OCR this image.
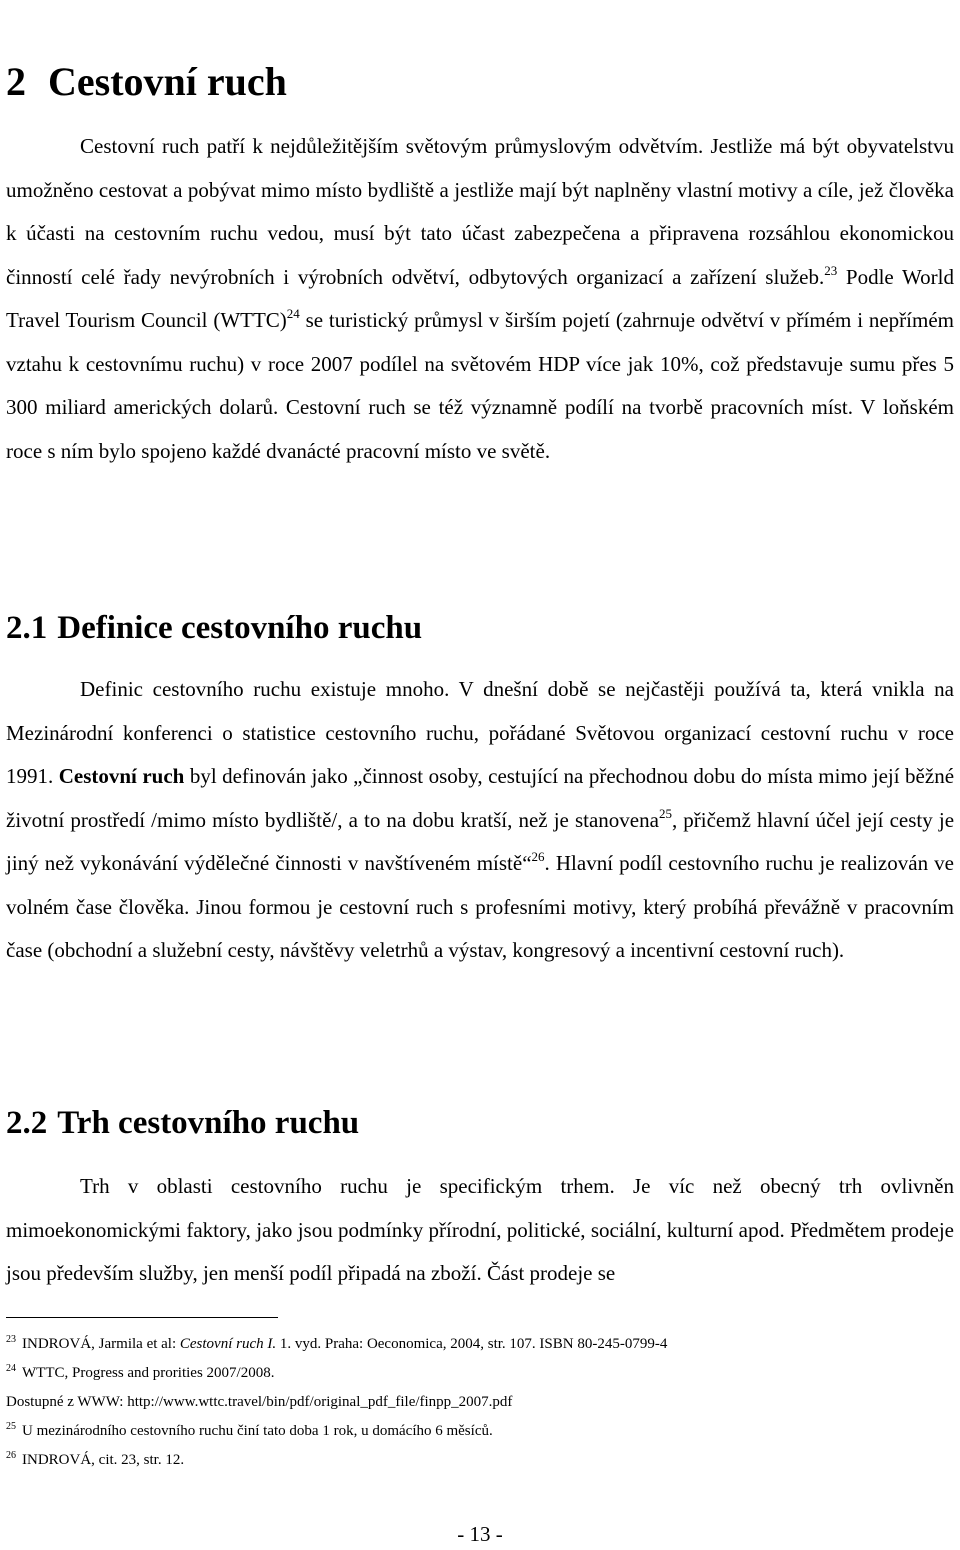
2 Cestovní ruch

Cestovní ruch patří k nejdůležitějším světovým průmyslovým odvětvím. Jestliže má být obyvatelstvu umožněno cestovat a pobývat mimo místo bydliště a jestliže mají být naplněny vlastní motivy a cíle, jež člověka k účasti na cestovním ruchu vedou, musí být tato účast zabezpečena a připravena rozsáhlou ekonomickou činností celé řady nevýrobních i výrobních odvětví, odbytových organizací a zařízení služeb.$^{23}$ Podle World Travel Tourism Council (WTTC)$^{24}$ se turistický průmysl v širším pojetí (zahrnuje odvětví v přímém i nepřímém vztahu k cestovnímu ruchu) v roce 2007 podílel na světovém HDP více jak 10%, což představuje sumu přes 5 300 miliard amerických dolarů. Cestovní ruch se též významně podílí na tvorbě pracovních míst. V loňském roce s ním bylo spojeno každé dvanácté pracovní místo ve světě.

2.1 Definice cestovního ruchu

Definic cestovního ruchu existuje mnoho. V dnešní době se nejčastěji používá ta, která vnikla na Mezinárodní konferenci o statistice cestovního ruchu, pořádané Světovou organizací cestovní ruchu v roce 1991. Cestovní ruch byl definován jako „činnost osoby, cestující na přechodnou dobu do místa mimo její běžné životní prostředí /mimo místo bydliště/, a to na dobu kratší, než je stanovena$^{25}$, přičemž hlavní účel její cesty je jiný než vykonávání výdělečné činnosti v navštíveném místě“$^{26}$. Hlavní podíl cestovního ruchu je realizován ve volném čase člověka. Jinou formou je cestovní ruch s profesními motivy, který probíhá převážně v pracovním čase (obchodní a služební cesty, návštěvy veletrhů a výstav, kongresový a incentivní cestovní ruch).

2.2 Trh cestovního ruchu

Trh v oblasti cestovního ruchu je specifickým trhem. Je víc než obecný trh ovlivněn mimoekonomickými faktory, jako jsou podmínky přírodní, politické, sociální, kulturní apod. Předmětem prodeje jsou především služby, jen menší podíl připadá na zboží. Část prodeje se

$^{23}$ INDROVÁ, Jarmila et al: Cestovní ruch I. 1. vyd. Praha: Oeconomica, 2004, str. 107. ISBN 80-245-0799-4

$^{24}$ WTTC, Progress and prorities 2007/2008.

Dostupné z WWW: http://www.wttc.travel/bin/pdf/original_pdf_file/finpp_2007.pdf

$^{25}$ U mezinárodního cestovního ruchu činí tato doba 1 rok, u domácího 6 měsíců.

$^{26}$ INDROVÁ, cit. 23, str. 12.

- 13 -
